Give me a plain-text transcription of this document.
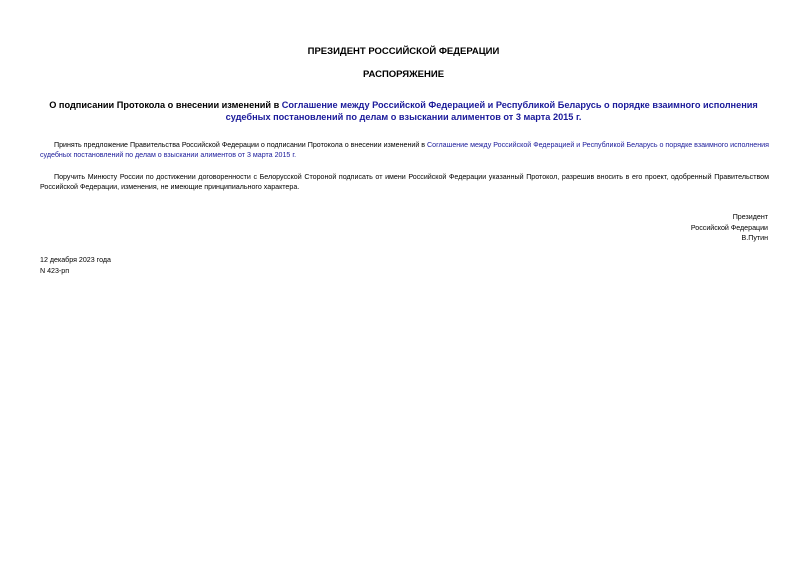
ПРЕЗИДЕНТ РОССИЙСКОЙ ФЕДЕРАЦИИ
РАСПОРЯЖЕНИЕ
О подписании Протокола о внесении изменений в Соглашение между Российской Федерацией и Республикой Беларусь о порядке взаимного исполнения судебных постановлений по делам о взыскании алиментов от 3 марта 2015 г.
Принять предложение Правительства Российской Федерации о подписании Протокола о внесении изменений в Соглашение между Российской Федерацией и Республикой Беларусь о порядке взаимного исполнения судебных постановлений по делам о взыскании алиментов от 3 марта 2015 г.
Поручить Минюсту России по достижении договоренности с Белорусской Стороной подписать от имени Российской Федерации указанный Протокол, разрешив вносить в его проект, одобренный Правительством Российской Федерации, изменения, не имеющие принципиального характера.
Президент
Российской Федерации
В.Путин
12 декабря 2023 года
N 423-рп
